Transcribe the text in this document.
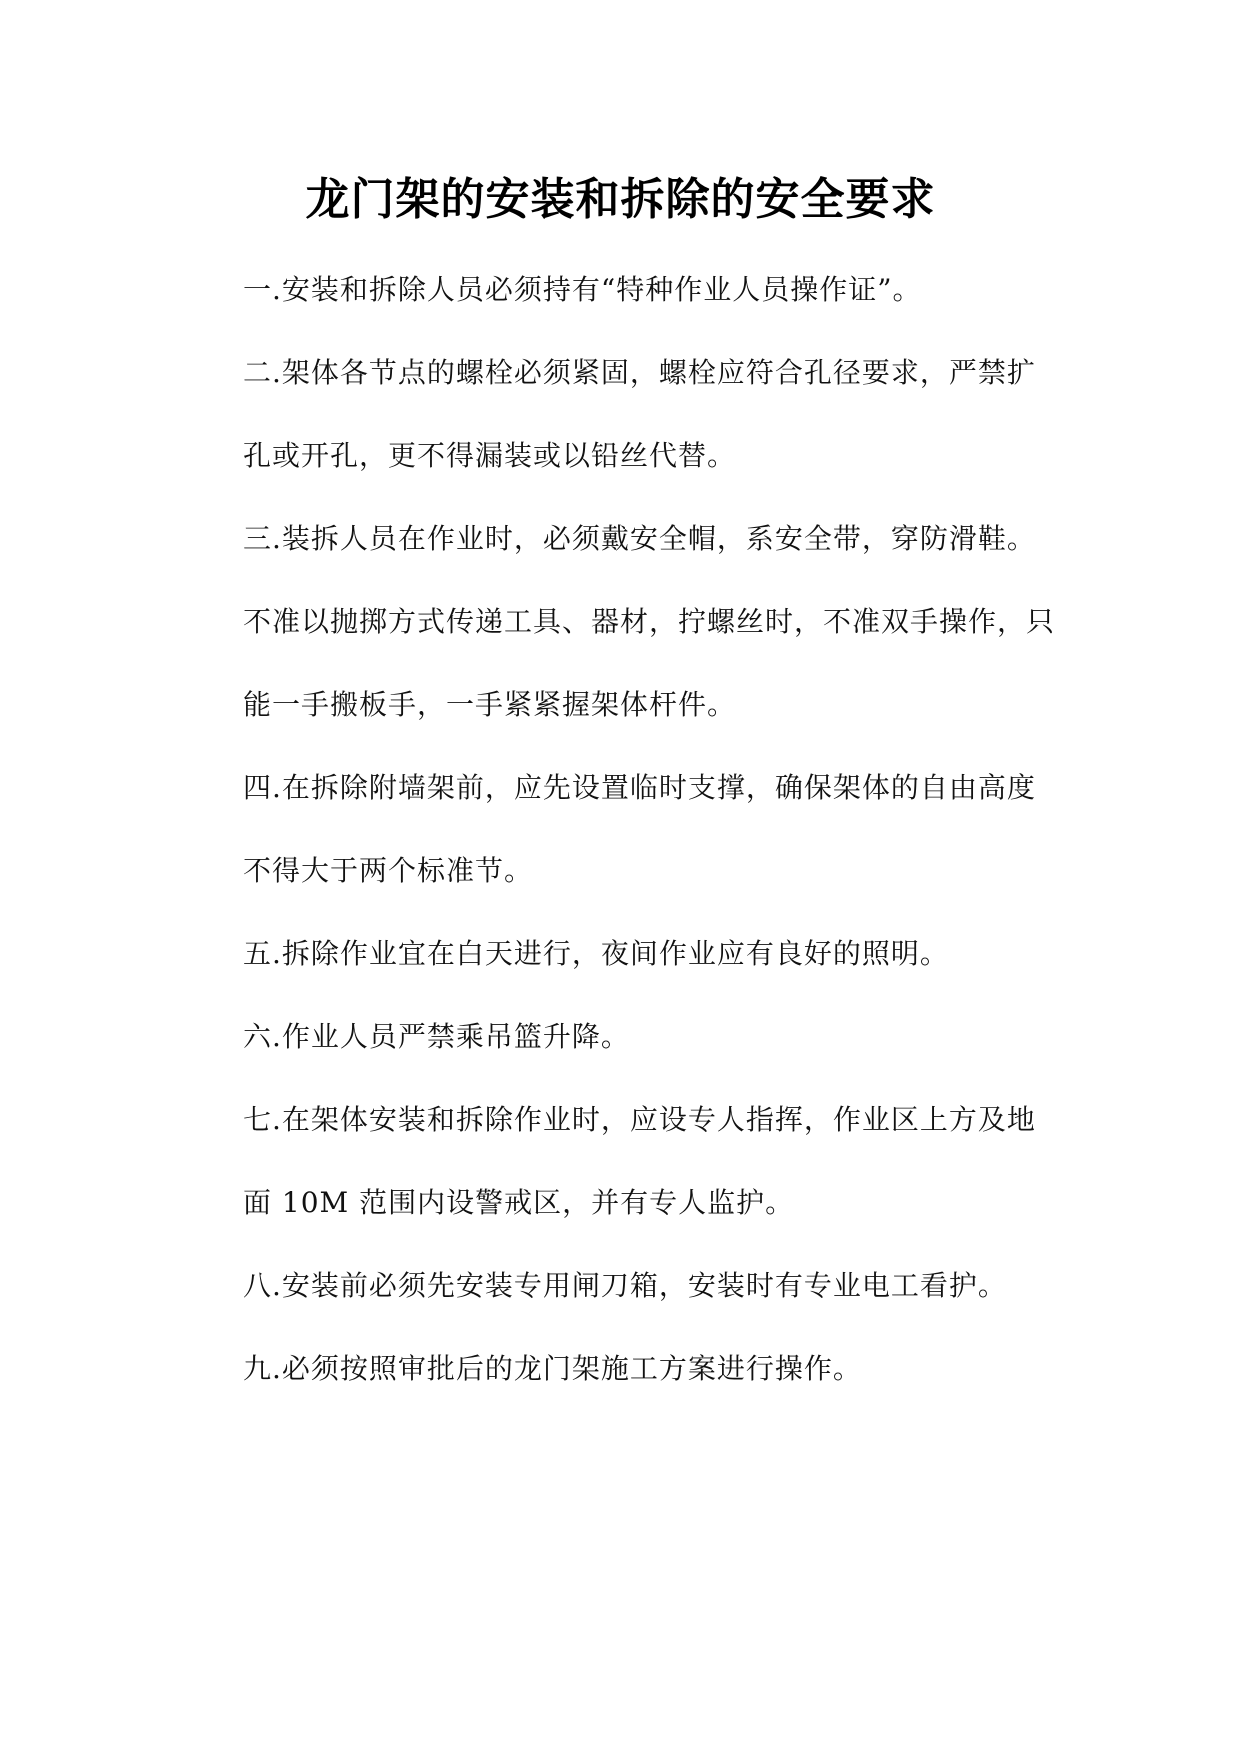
龙门架的安装和拆除的安全要求
一.安装和拆除人员必须持有“特种作业人员操作证”。
二.架体各节点的螺栓必须紧固，螺栓应符合孔径要求，严禁扩
孔或开孔，更不得漏装或以铅丝代替。
三.装拆人员在作业时，必须戴安全帽，系安全带，穿防滑鞋。
不准以抛掷方式传递工具、器材，拧螺丝时，不准双手操作，只
能一手搬板手，一手紧紧握架体杆件。
四.在拆除附墙架前，应先设置临时支撑，确保架体的自由高度
不得大于两个标准节。
五.拆除作业宜在白天进行，夜间作业应有良好的照明。
六.作业人员严禁乘吊篮升降。
七.在架体安装和拆除作业时，应设专人指挥，作业区上方及地
面 10M 范围内设警戒区，并有专人监护。
八.安装前必须先安装专用闸刀箱，安装时有专业电工看护。
九.必须按照审批后的龙门架施工方案进行操作。
